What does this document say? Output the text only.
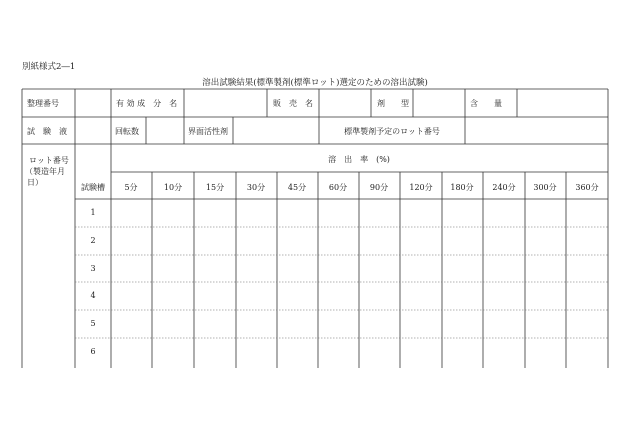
別紙様式2―1
溶出試験結果(標準製剤(標準ロット)選定のための溶出試験)
整理番号	有 効 成　分　名	販　売　名	剤　　型	含　　量
試　験　液	回転数	界面活性剤	標準製剤予定のロット番号
ロット番号
（製造年月
日）
試験槽
溶　出　率　(%)
5分	10分	15分	30分	45分	60分	90分	120分 180分 240分 300分 360分
1
2
3
4
5
6
